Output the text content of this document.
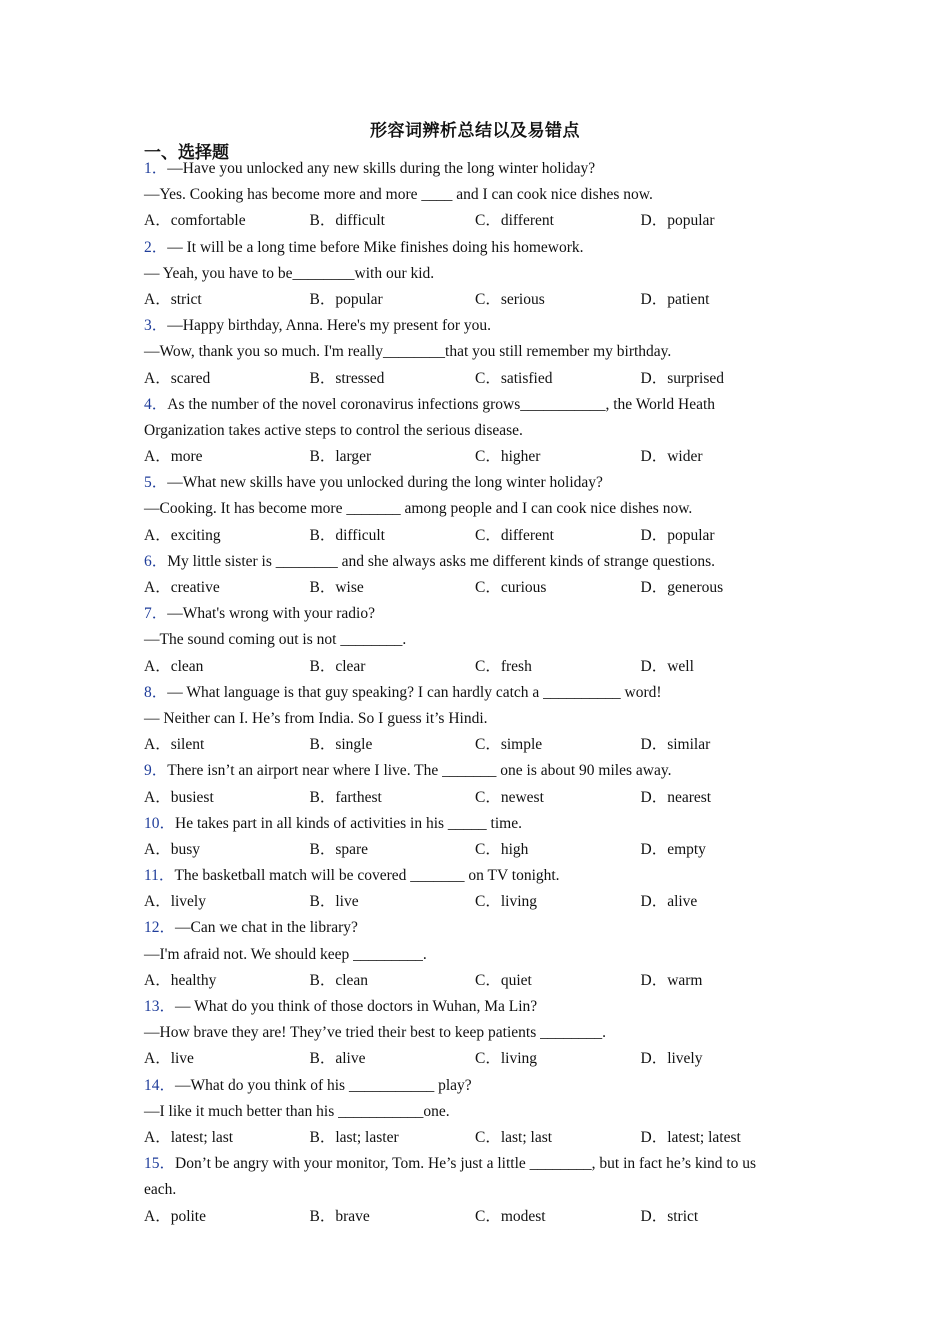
形容词辨析总结以及易错点
一、选择题
1．—Have you unlocked any new skills during the long winter holiday?
—Yes. Cooking has become more and more ____ and I can cook nice dishes now.
A．comfortable	B．difficult	C．different	D．popular
2．— It will be a long time before Mike finishes doing his homework.
— Yeah, you have to be________with our kid.
A．strict	B．popular	C．serious	D．patient
3．—Happy birthday, Anna. Here's my present for you.
—Wow, thank you so much. I'm really________that you still remember my birthday.
A．scared	B．stressed	C．satisfied	D．surprised
4．As the number of the novel coronavirus infections grows___________, the World Heath
Organization takes active steps to control the serious disease.
A．more	B．larger	C．higher	D．wider
5．—What new skills have you unlocked during the long winter holiday?
—Cooking. It has become more _______ among people and I can cook nice dishes now.
A．exciting	B．difficult	C．different	D．popular
6．My little sister is ________ and she always asks me different kinds of strange questions.
A．creative	B．wise	C．curious	D．generous
7．—What's wrong with your radio?
—The sound coming out is not ________.
A．clean	B．clear	C．fresh	D．well
8．— What language is that guy speaking? I can hardly catch a __________ word!
— Neither can I. He’s from India. So I guess it’s Hindi.
A．silent	B．single	C．simple	D．similar
9．There isn’t an airport near where I live. The _______ one is about 90 miles away.
A．busiest	B．farthest	C．newest	D．nearest
10．He takes part in all kinds of activities in his _____ time.
A．busy	B．spare	C．high	D．empty
11．The basketball match will be covered _______ on TV tonight.
A．lively	B．live	C．living	D．alive
12．—Can we chat in the library?
—I'm afraid not. We should keep _________.
A．healthy	B．clean	C．quiet	D．warm
13．— What do you think of those doctors in Wuhan, Ma Lin?
—How brave they are! They’ve tried their best to keep patients ________.
A．live	B．alive	C．living	D．lively
14．—What do you think of his ___________ play?
—I like it much better than his ___________one.
A．latest; last	B．last; laster	C．last; last	D．latest; latest
15．Don’t be angry with your monitor, Tom. He’s just a little ________, but in fact he’s kind to us
each.
A．polite	B．brave	C．modest	D．strict
